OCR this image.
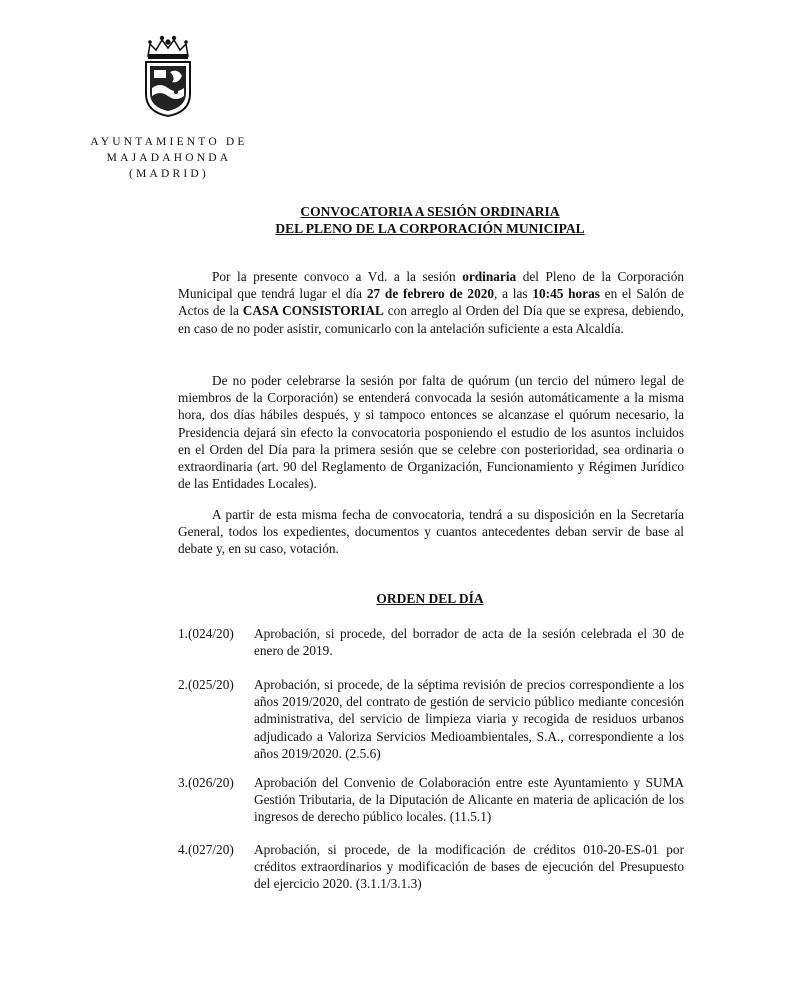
AYUNTAMIENTO DE
MAJADAHONDA
(MADRID)
CONVOCATORIA A SESIÓN ORDINARIA
DEL PLENO DE LA CORPORACIÓN MUNICIPAL

Por la presente convoco a Vd. a la sesión ordinaria del Pleno de la Corporación Municipal que tendrá lugar el día 27 de febrero de 2020, a las 10:45 horas en el Salón de Actos de la CASA CONSISTORIAL con arreglo al Orden del Día que se expresa, debiendo, en caso de no poder asistir, comunicarlo con la antelación suficiente a esta Alcaldía.

De no poder celebrarse la sesión por falta de quórum (un tercio del número legal de miembros de la Corporación) se entenderá convocada la sesión automáticamente a la misma hora, dos días hábiles después, y si tampoco entonces se alcanzase el quórum necesario, la Presidencia dejará sin efecto la convocatoria posponiendo el estudio de los asuntos incluidos en el Orden del Día para la primera sesión que se celebre con posterioridad, sea ordinaria o extraordinaria (art. 90 del Reglamento de Organización, Funcionamiento y Régimen Jurídico de las Entidades Locales).

A partir de esta misma fecha de convocatoria, tendrá a su disposición en la Secretaría General, todos los expedientes, documentos y cuantos antecedentes deban servir de base al debate y, en su caso, votación.

ORDEN DEL DÍA
1.(024/20) Aprobación, si procede, del borrador de acta de la sesión celebrada el 30 de enero de 2019.
2.(025/20) Aprobación, si procede, de la séptima revisión de precios correspondiente a los años 2019/2020, del contrato de gestión de servicio público mediante concesión administrativa, del servicio de limpieza viaria y recogida de residuos urbanos adjudicado a Valoriza Servicios Medioambientales, S.A., correspondiente a los años 2019/2020. (2.5.6)
3.(026/20) Aprobación del Convenio de Colaboración entre este Ayuntamiento y SUMA Gestión Tributaria, de la Diputación de Alicante en materia de aplicación de los ingresos de derecho público locales. (11.5.1)
4.(027/20) Aprobación, si procede, de la modificación de créditos 010-20-ES-01 por créditos extraordinarios y modificación de bases de ejecución del Presupuesto del ejercicio 2020. (3.1.1/3.1.3)
